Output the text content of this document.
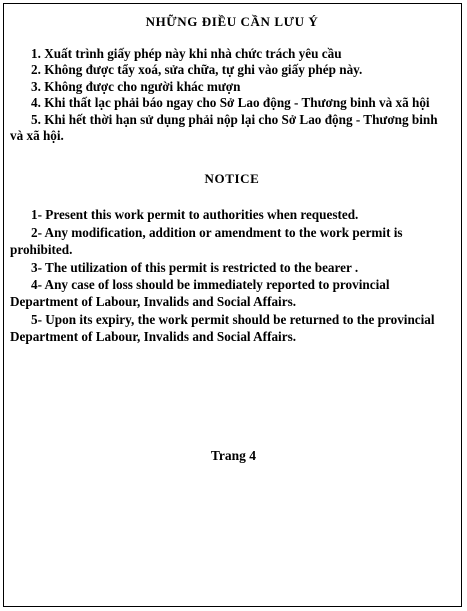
NHỮNG ĐIỀU CẦN LƯU Ý
1. Xuất trình giấy phép này khi nhà chức trách yêu cầu
2. Không được tẩy xoá, sửa chữa, tự ghi vào giấy phép này.
3. Không được cho người khác mượn
4. Khi thất lạc phải báo ngay cho Sở Lao động - Thương binh và xã hội
5. Khi hết thời hạn sử dụng phải nộp lại cho Sở Lao động - Thương binh và xã hội.
NOTICE
1- Present this work permit to authorities when requested.
2- Any modification, addition or amendment to the work permit is prohibited.
3- The utilization of this permit is restricted to the bearer .
4- Any case of loss should be immediately reported to provincial Department of Labour, Invalids and Social Affairs.
5- Upon its expiry, the work permit should be returned to the provincial Department of Labour, Invalids and Social Affairs.
Trang 4
